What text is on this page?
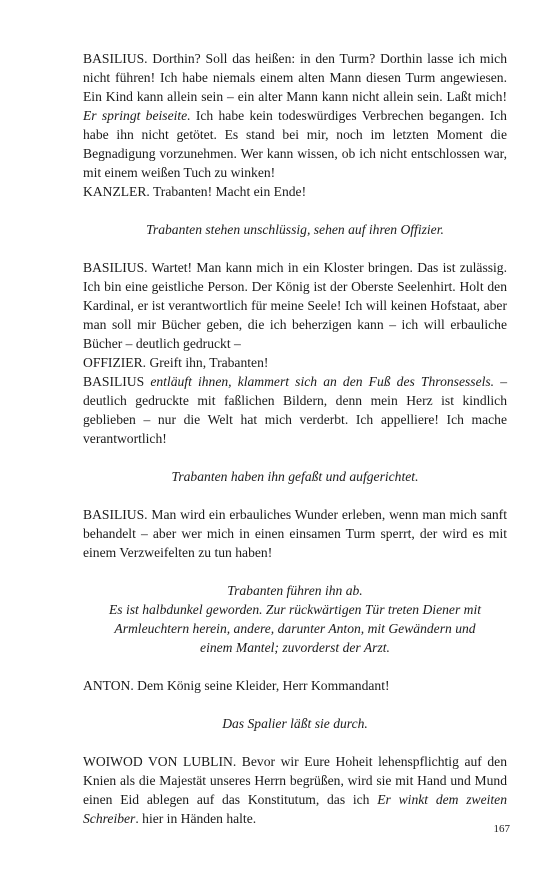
BASILIUS. Dorthin? Soll das heißen: in den Turm? Dorthin lasse ich mich nicht führen! Ich habe niemals einem alten Mann diesen Turm angewiesen. Ein Kind kann allein sein – ein alter Mann kann nicht allein sein. Laßt mich! Er springt beiseite. Ich habe kein todeswürdiges Verbrechen begangen. Ich habe ihn nicht getötet. Es stand bei mir, noch im letzten Moment die Begnadigung vorzunehmen. Wer kann wissen, ob ich nicht entschlossen war, mit einem weißen Tuch zu winken!

KANZLER. Trabanten! Macht ein Ende!

Trabanten stehen unschlüssig, sehen auf ihren Offizier.

BASILIUS. Wartet! Man kann mich in ein Kloster bringen. Das ist zulässig. Ich bin eine geistliche Person. Der König ist der Oberste Seelenhirt. Holt den Kardinal, er ist verantwortlich für meine Seele! Ich will keinen Hofstaat, aber man soll mir Bücher geben, die ich beherzigen kann – ich will erbauliche Bücher – deutlich gedruckt –

OFFIZIER. Greift ihn, Trabanten!

BASILIUS entläuft ihnen, klammert sich an den Fuß des Thronsessels. – deutlich gedruckte mit faßlichen Bildern, denn mein Herz ist kindlich geblieben – nur die Welt hat mich verderbt. Ich appelliere! Ich mache verantwortlich!

Trabanten haben ihn gefaßt und aufgerichtet.

BASILIUS. Man wird ein erbauliches Wunder erleben, wenn man mich sanft behandelt – aber wer mich in einen einsamen Turm sperrt, der wird es mit einem Verzweifelten zu tun haben!

Trabanten führen ihn ab.
Es ist halbdunkel geworden. Zur rückwärtigen Tür treten Diener mit
Armleuchtern herein, andere, darunter Anton, mit Gewändern und
einem Mantel; zuvorderst der Arzt.

ANTON. Dem König seine Kleider, Herr Kommandant!

Das Spalier läßt sie durch.

WOIWOD VON LUBLIN. Bevor wir Eure Hoheit lehenspflichtig auf den Knien als die Majestät unseres Herrn begrüßen, wird sie mit Hand und Mund einen Eid ablegen auf das Konstitutum, das ich Er winkt dem zweiten Schreiber. hier in Händen halte.

167
